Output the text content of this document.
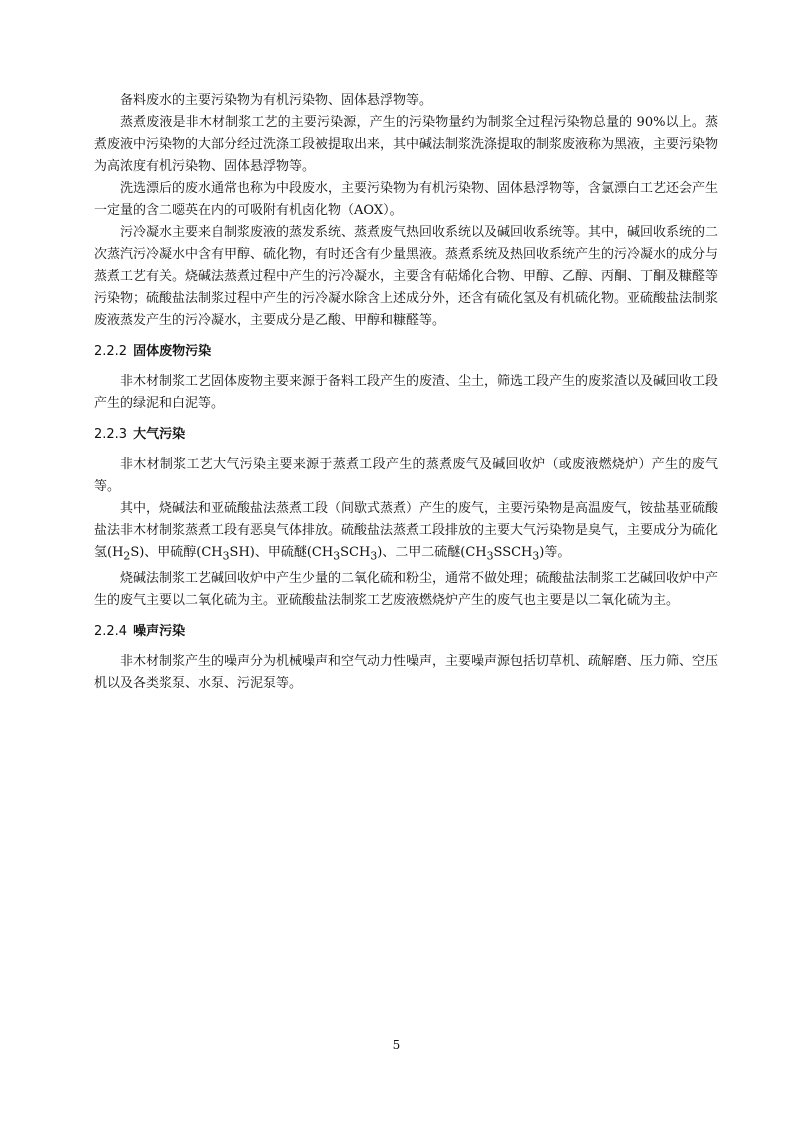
备料废水的主要污染物为有机污染物、固体悬浮物等。

蒸煮废液是非木材制浆工艺的主要污染源，产生的污染物量约为制浆全过程污染物总量的 90%以上。蒸煮废液中污染物的大部分经过洗涤工段被提取出来，其中碱法制浆洗涤提取的制浆废液称为黑液，主要污染物为高浓度有机污染物、固体悬浮物等。

洗选漂后的废水通常也称为中段废水，主要污染物为有机污染物、固体悬浮物等，含氯漂白工艺还会产生一定量的含二噁英在内的可吸附有机卤化物（AOX）。

污冷凝水主要来自制浆废液的蒸发系统、蒸煮废气热回收系统以及碱回收系统等。其中，碱回收系统的二次蒸汽污冷凝水中含有甲醇、硫化物，有时还含有少量黑液。蒸煮系统及热回收系统产生的污冷凝水的成分与蒸煮工艺有关。烧碱法蒸煮过程中产生的污冷凝水，主要含有萜烯化合物、甲醇、乙醇、丙酮、丁酮及糠醛等污染物；硫酸盐法制浆过程中产生的污冷凝水除含上述成分外，还含有硫化氢及有机硫化物。亚硫酸盐法制浆废液蒸发产生的污冷凝水，主要成分是乙酸、甲醇和糠醛等。

2.2.2 固体废物污染

非木材制浆工艺固体废物主要来源于备料工段产生的废渣、尘土，筛选工段产生的废浆渣以及碱回收工段产生的绿泥和白泥等。

2.2.3 大气污染

非木材制浆工艺大气污染主要来源于蒸煮工段产生的蒸煮废气及碱回收炉（或废液燃烧炉）产生的废气等。

其中，烧碱法和亚硫酸盐法蒸煮工段（间歇式蒸煮）产生的废气，主要污染物是高温废气，铵盐基亚硫酸盐法非木材制浆蒸煮工段有恶臭气体排放。硫酸盐法蒸煮工段排放的主要大气污染物是臭气，主要成分为硫化氢$(H_2S)$、甲硫醇$(CH_3SH)$、甲硫醚$(CH_3SCH_3)$、二甲二硫醚$(CH_3SSCH_3)$等。

烧碱法制浆工艺碱回收炉中产生少量的二氧化硫和粉尘，通常不做处理；硫酸盐法制浆工艺碱回收炉中产生的废气主要以二氧化硫为主。亚硫酸盐法制浆工艺废液燃烧炉产生的废气也主要是以二氧化硫为主。

2.2.4 噪声污染

非木材制浆产生的噪声分为机械噪声和空气动力性噪声，主要噪声源包括切草机、疏解磨、压力筛、空压机以及各类浆泵、水泵、污泥泵等。

5
